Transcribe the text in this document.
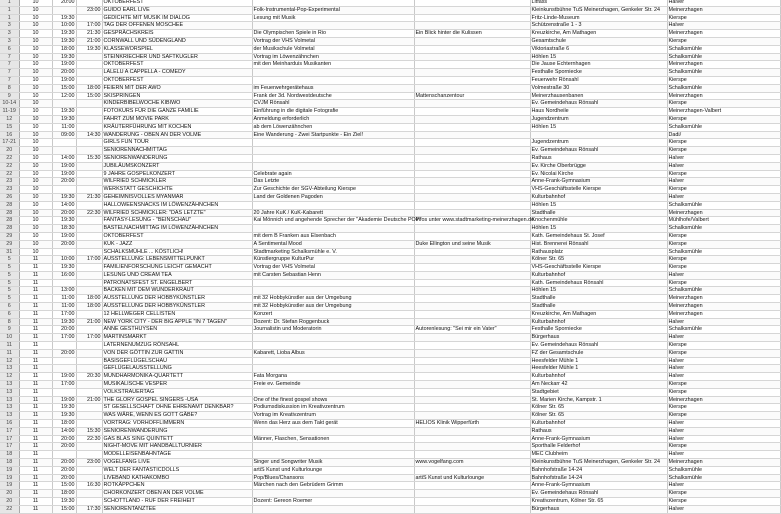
1	10	20:00		OKTOBERFEST			Litfass	Halver
1	10		23:00	GUIDO EARL LIVE	Folk-Instrumental-Pop-Experimental		Kleinkunstbühne TuS Meinerzhagen, Genkeler Str. 24	Meinerzhagen
1	10	19:30		GEDICHTE MIT MUSIK IM DIALOG	Lesung mit Musik		Fritz-Linde-Museum	Kierspe
3	10	10:00	17:00	TAG DER OFFENEN MOSCHEE			Schützenstraße 1 - 3	Halver
3	10	19:30	21:30	GESPRÄCHSKREIS	Die Olympischen Spiele in Rio	Ein Blick hinter die Kulissen	Kreuzkirche, Am Mathagen	Meinerzhagen
3	10	19:30	21:00	CORNWALL UND SÜDENGLAND	Vortrag der VHS Volmetal		Gesamtschule	Kierspe
6	10	18:00	19:30	KLASSEWORSPIEL	der Musikschule Volmetal		Viktoriastraße 6	Schalksmühle
7	10	19:30		STEINKRIECHER UND SAFTKUGLER	Vortrag im Löwenzähnchen		Höhlen 15	Schalksmühle
7	10	19:00		OKTOBERFEST	mit den Meinharduis Musikanten		Die Jause Echternhagen	Meinerzhagen
7	10	20:00		LALELU A CAPPELLA - COMEDY			Festhalle Sporniecke	Schalksmühle
7	10	19:00		OKTOBERFEST			Feuerwehr Rönsahl	Kierspe
8	10	15:00	18:00	FEIERN MIT DER AWO	im Feuerwehrgerätehaus		Volmestraße 30	Schalksmühle
9	10	12:00	15:00	SKISPRINGEN	Frank der 3d. Nordwestdeutsche	Mattenschanzentour	Meinerzhausenbanen	Meinerzhagen
10-14	10			KINDERBIBELWOCHE KIBIWO	CVJM Rönsahl		Ev. Gemeindehaus Rönsahl	Kierspe
11-19	10	19:30		FOTOKURS FÜR DIE GANZE FAMILIE	Einführung in die digitale Fotografie		Haus Nordheile	Meinerzhagen-Valbert
12	10	19:30		FAHRT ZUM MOVIE PARK	Anmeldung erforderlich		Jugendzentrum	Kierspe
15	10	11:00		KRÄUTERFÜHRUNG MIT KOCHEN	ab dem Löwenzähnchen		Höhlen 15	Schalksmühle
16	10	09:00	14:30	WANDERUNG - OBEN AN DER VOLME	Eine Wanderung - Zwei Startpunkte - Ein Ziel!			Dadi/
17-21	10			GIRLS FUN TOUR			Jugendzentrum	Kierspe
20	10			SENIORENNACHMITTAG			Ev. Gemeindehaus Rönsahl	Kierspe
22	10	14:00	15:30	SENIORENWANDERUNG			Rathaus	Halver
22	10	19:00		JUBILÄUMSKONZERT			Ev. Kirche Oberbrügge	Halver
22	10	19:00		9 JAHRE GOSPELKONZERT	Celebrate again		Ev. Nicolai Kirche	Kierspe
23	10	20:00		WILFRIED SCHMICKLER	Das Letzte		Anne-Frank-Gymnasium	Halver
23	10			WERKSTATT GESCHICHTE	Zur Geschichte der SGV-Abteilung Kierspe		VHS-Geschäftsstelle Kierspe	Kierspe
26	10	19:30	21:30	GEHEIMNISVOLLES MYANMAR	Land der Goldenen Pagoden		Kulturbahnhof	Halver
28	10	14:00		HALLOWEENSNACKS IM LÖWENZÄHNCHEN			Höhlen 15	Schalksmühle
28	10	20:00	22:30	WILFRIED SCHMICKLER: "DAS LETZTE"	20 Jahre KuK / KuK-Kabarett		Stadthalle	Meinerzhagen
28	10	19:30		FANTASY-LESUNG - "BEINSCHAU"	Kai Mönnich und angehende Sprecher der "Akademie Deutsche POP"	Infos unter www.stadtmarketing-meinerzhagen.de	Knochenmühle	Mühlhofe/Valbert
28	10	18:30		BASTELNACHMITTAG IM LÖWENZÄHNCHEN			Höhlen 15	Schalksmühle
29	10	19:00		OKTOBERFEST	mit dem B Franken aus Elsenbach		Kath. Gemeindehaus St. Josef	Kierspe
29	10	20:00		KUK - JAZZ	A Sentimental Mood	Duke Ellington und seine Musik	Hist. Brennerei Rönsahl	Kierspe
31	10			SCHALKSMÜHLE ... KÖSTLICH!	Stadtmarketing Schalksmühle e. V.		Rathausplatz	Schalksmühle
5	11	10:00	17:00	AUSSTELLUNG: LEBENSMITTELPUNKT	Künstlergruppe KulturPur		Kölner Str. 65	Kierspe
5	11	19:30		FAMILIENFORSCHUNG LEICHT GEMACHT	Vortrag der VHS Volmetal		VHS-Geschäftsstelle Kierspe	Kierspe
5	11	16:00		LESUNG UND CREAM TEA	mit Carsten Sebastian Henn		Kulturbahnhof	Halver
5	11			PATRONATSFEST ST. ENGELBERT			Kath. Gemeindehaus Rönsahl	Kierspe
5	11	13:00		BACKEN MIT DEM WUNDERKRAUT			Höhlen 15	Schalksmühle
5	11	11:00	18:00	AUSSTELLUNG DER HOBBYKÜNSTLER	mit 32 Hobbykünstler aus der Umgebung		Stadthalle	Meinerzhagen
6	11	11:00	18:00	AUSSTELLUNG DER HOBBYKÜNSTLER	mit 32 Hobbykünstler aus der Umgebung		Stadthalle	Meinerzhagen
6	11	17:00		12 HELLWEGER CELLISTEN	Konzert		Kreuzkirche, Am Mathagen	Meinerzhagen
8	11	19:30	21:00	NEW YORK CITY - DER BIG APPLE "IN 7 TAGEN"	Dozent: Dr. Stefan Roggenbuck		Kulturbahnhof	Halver
9	11	20:00		ANNE GESTHUYSEN	Journalistin und Moderatorin	Autorenlesung: "Sei mir ein Vater"	Festhalle Sporniecke	Schalksmühle
10	11	17:00	17:00	MARTINSMARKT			Bürgerhaus	Halver
11	11			LATERNENUMZUG RÖNSAHL			Ev. Gemeindehaus Rönsahl	Kierspe
11	11	20:00		VON DER GÖTTIN ZUR GATTIN	Kabarett, Lioba Albus		FZ der Gesamtschule	Kierspe
12	11			BASISGEFLÜGELSCHAU			Heesfelder Mühle 1	Halver
13	11			GEFLÜGELAUSSTELLUNG			Heesfelder Mühle 1	Halver
12	11	19:00	20:30	MUNDHARMONIKA-QUARTETT	Fata Morgana		Kulturbahnhof	Halver
13	11	17:00		MUSIKALISCHE VESPER	Freie ev. Gemeinde		Am Neckarr 42	Kierspe
13	11			VOLKSTRAUERTAG			Stadtgebiet	Kierspe
13	11	19:00	21:00	THE GLORY GOSPEL SINGERS -USA	One of the finest gospel shows		St. Marien Kirche, Kampstr. 1	Meinerzhagen
13	11	19:30		ST GESELLSCHAFT OHNE EHRENAMT DENKBAR?	Podiumsdiskussion im Kreativzentrum		Kölner Str. 65	Kierspe
13	11	19:30		WAS WÄRE, WENN ES GOTT GÄBE?	Vortrag im Kreativzentrum		Kölner Str. 65	Kierspe
16	11	18:00		VORTRAG: VORHOFFLIMMERN	Wenn das Herz aus dem Takt gerät	HELIOS Klinik Wipperfürth	Kulturbahnhof	Halver
17	11	14:00	15:30	SENIORENWANDERUNG			Rathaus	Halver
17	11	20:00	22:30	GAS BLAS SING QUINTETT	Männer, Flaschen, Sensationen		Anne-Frank-Gymnasium	Halver
17	11	20:00		NIGHT-MOVE MIT HANDBALLTURNIER			Sporthalle Felderhof	Kierspe
18	11			MODELLEISENBAHNTAGE			MEC Clubheim	Halver
18	11	20:00	23:00	VOGELFANG LIVE	Singer und Songwriter Musik	www.vogelfang.com	Kleinkunstbühne TuS Meinerzhagen, Genkeler Str. 24	Meinerzhagen
19	11	20:00		WELT DER FANTASTICDOLLS	artiS Kunst und Kulturlounge		Bahnhofstraße 14-24	Schalksmühle
19	11	20:00		LIVEBAND KATHAKOMBO	Pop/Blues/Chansons	artiS Kunst und Kulturlounge	Bahnhofstraße 14-24	Schalksmühle
19	11	15:00	16:30	ROTKÄPPCHEN	Märchen nach den Gebrüdern Grimm		Anne-Frank-Gymnasium	Halver
20	11	18:00		CHORKONZERT OBEN AN DER VOLME			Ev. Gemeindehaus Rönsahl	Kierspe
20	11	19:30		SCHOTTLAND - RUF DER FREIHEIT	Dozent: Gereon Roemer		Kreativzentrum, Kölner Str. 65	Kierspe
22	11	15:00	17:30	SENIORENTANZTEE			Bürgerhaus	Halver
